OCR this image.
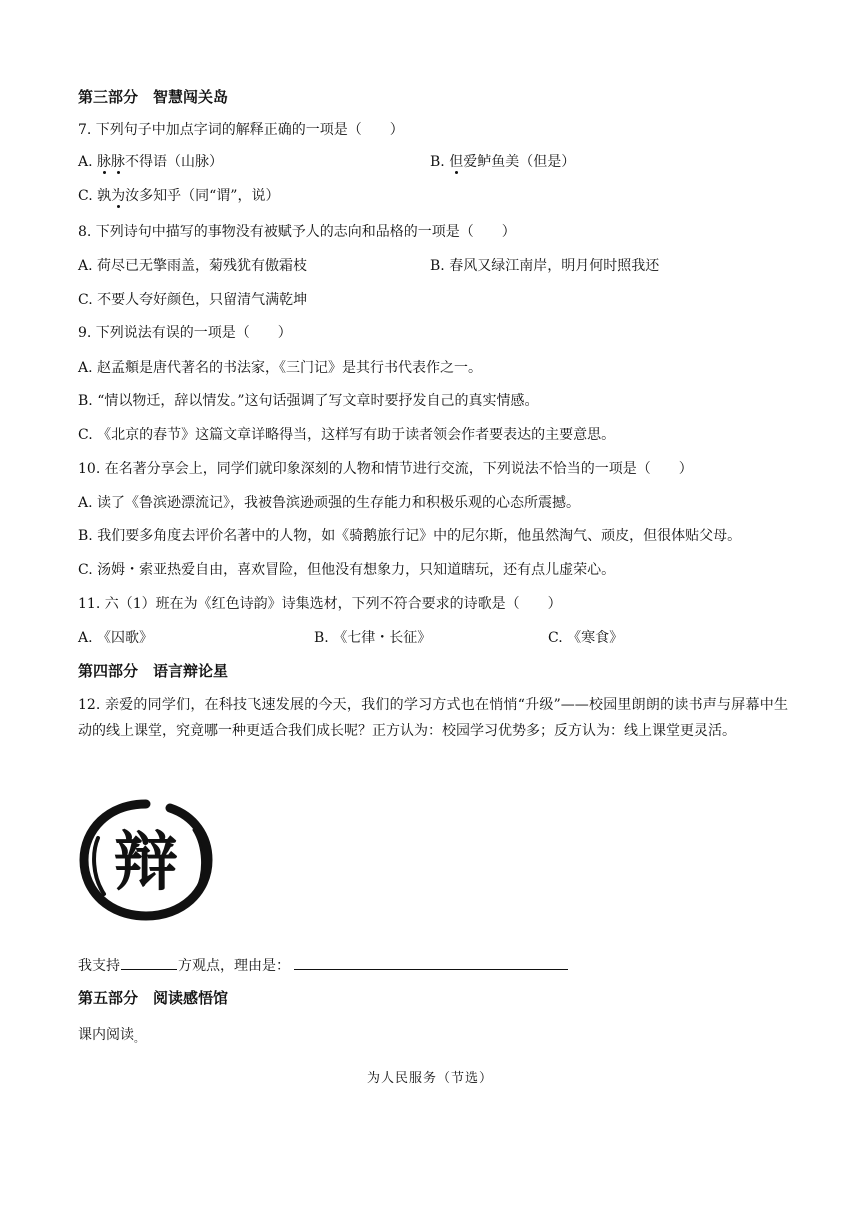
第三部分　智慧闯关岛
7. 下列句子中加点字词的解释正确的一项是（　　）
A. 脉脉不得语（山脉）	B. 但爱鲈鱼美（但是）
C. 孰为汝多知乎（同“谓”，说）
8. 下列诗句中描写的事物没有被赋予人的志向和品格的一项是（　　）
A. 荷尽已无擎雨盖，菊残犹有傲霜枝	B. 春风又绿江南岸，明月何时照我还
C. 不要人夸好颜色，只留清气满乾坤
9. 下列说法有误的一项是（　　）
A. 赵孟頫是唐代著名的书法家，《三门记》是其行书代表作之一。
B. “情以物迁，辞以情发。”这句话强调了写文章时要抒发自己的真实情感。
C. 《北京的春节》这篇文章详略得当，这样写有助于读者领会作者要表达的主要意思。
10. 在名著分享会上，同学们就印象深刻的人物和情节进行交流，下列说法不恰当的一项是（　　）
A. 读了《鲁滨逊漂流记》，我被鲁滨逊顽强的生存能力和积极乐观的心态所震撼。
B. 我们要多角度去评价名著中的人物，如《骑鹅旅行记》中的尼尔斯，他虽然淘气、顽皮，但很体贴父母。
C. 汤姆・索亚热爱自由，喜欢冒险，但他没有想象力，只知道瞎玩，还有点儿虚荣心。
11. 六（1）班在为《红色诗韵》诗集选材，下列不符合要求的诗歌是（　　）
A. 《囚歌》	B. 《七律・长征》	C. 《寒食》
第四部分　语言辩论星
12. 亲爱的同学们，在科技飞速发展的今天，我们的学习方式也在悄悄“升级”——校园里朗朗的读书声与屏幕中生动的线上课堂，究竟哪一种更适合我们成长呢？正方认为：校园学习优势多；反方认为：线上课堂更灵活。
辩
我支持	方观点，理由是：
第五部分　阅读感悟馆
课内阅读$_。$
为人民服务（节选）
